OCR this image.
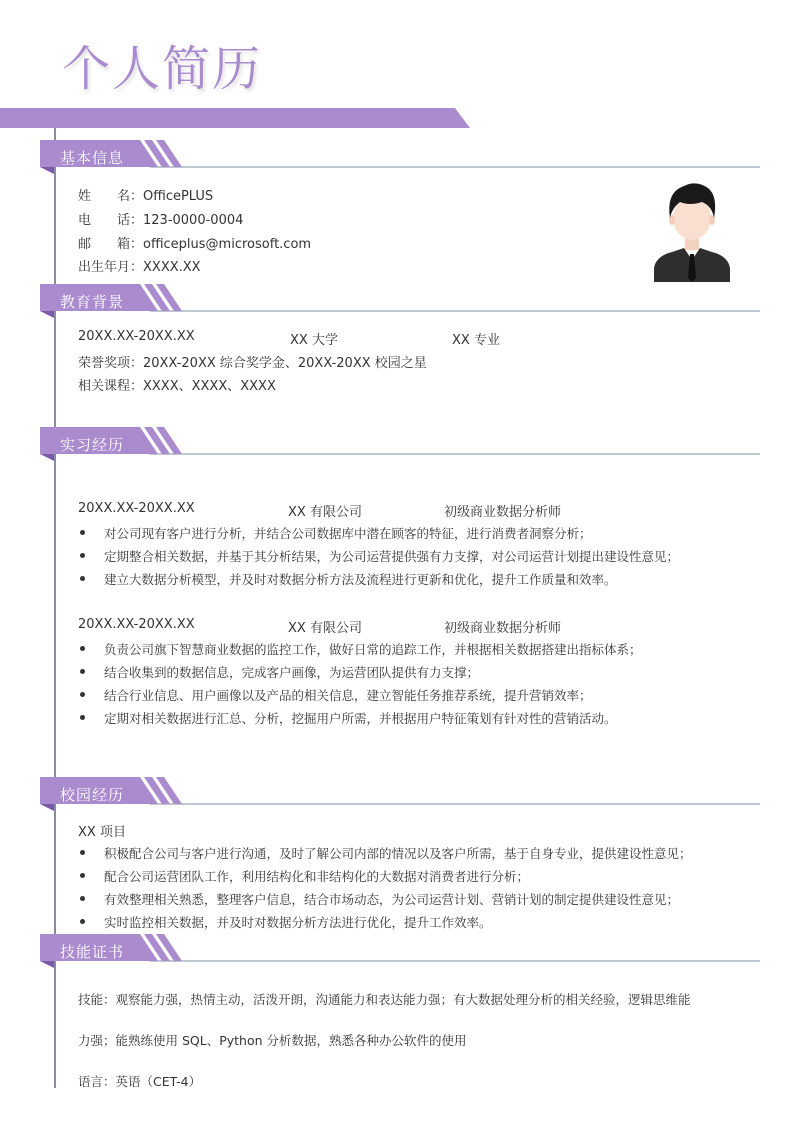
个人简历
基本信息
姓　　名：OfficePLUS
电　　话：123-0000-0004
邮　　箱：officeplus@microsoft.com
出生年月：XXXX.XX
教育背景
20XX.XX-20XX.XX	XX 大学	XX 专业
荣誉奖项：20XX-20XX 综合奖学金、20XX-20XX 校园之星
相关课程：XXXX、XXXX、XXXX
实习经历
20XX.XX-20XX.XX	XX 有限公司	初级商业数据分析师
对公司现有客户进行分析，并结合公司数据库中潜在顾客的特征，进行消费者洞察分析；
定期整合相关数据，并基于其分析结果，为公司运营提供强有力支撑，对公司运营计划提出建设性意见；
建立大数据分析模型，并及时对数据分析方法及流程进行更新和优化，提升工作质量和效率。
20XX.XX-20XX.XX	XX 有限公司	初级商业数据分析师
负责公司旗下智慧商业数据的监控工作，做好日常的追踪工作，并根据相关数据搭建出指标体系；
结合收集到的数据信息，完成客户画像，为运营团队提供有力支撑；
结合行业信息、用户画像以及产品的相关信息，建立智能任务推荐系统，提升营销效率；
定期对相关数据进行汇总、分析，挖掘用户所需，并根据用户特征策划有针对性的营销活动。
校园经历
XX 项目
积极配合公司与客户进行沟通，及时了解公司内部的情况以及客户所需，基于自身专业，提供建设性意见；
配合公司运营团队工作，利用结构化和非结构化的大数据对消费者进行分析；
有效整理相关熟悉，整理客户信息，结合市场动态，为公司运营计划、营销计划的制定提供建设性意见；
实时监控相关数据，并及时对数据分析方法进行优化，提升工作效率。
技能证书
技能：观察能力强，热情主动，活泼开朗，沟通能力和表达能力强；有大数据处理分析的相关经验，逻辑思维能
力强；能熟练使用 SQL、Python 分析数据，熟悉各种办公软件的使用
语言：英语（CET-4）
